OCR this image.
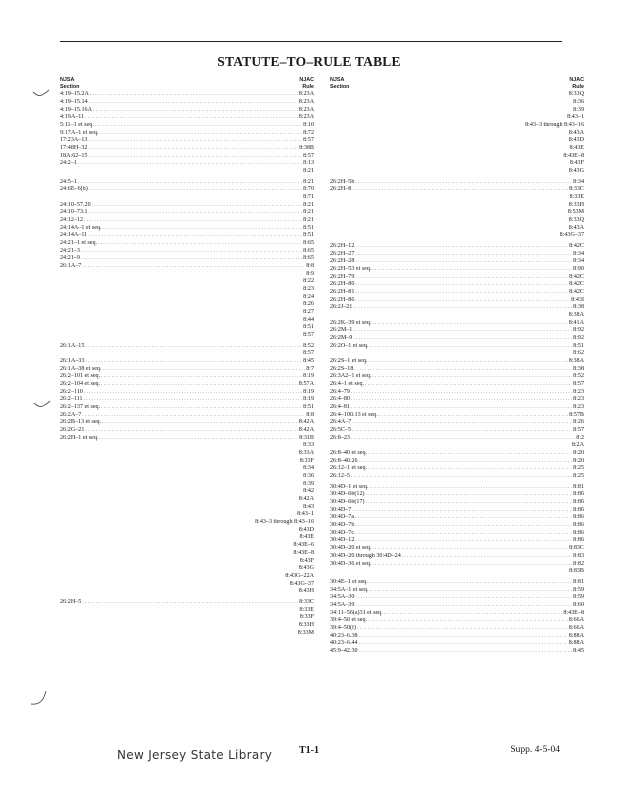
STATUTE–TO–RULE TABLE
NJSA
Section
NJAC
Rule
4:19–15.2A .....	8:23A
4:19–15.14 .....	8:23A
4:19–15.16A .....	8:23A
4:19A–11 .....	8:23A
5:11–1 et seq. .....	8:10
9:17A–1 et seq. .....	8:72
17:23A–13 .....	8:57
17:48H–32 .....	8:38B
18A:62–15 .....	8:57
24:2–1 .....	8:13
8:21
24:5–1 .....	8:21
24:6E–6(b) .....	8:70
8:71
24:10–57.20 .....	8:21
24:10–73.1 .....	8:21
24:12–12 .....	8:21
24:14A–1 et seq. .....	8:51
24:14A–11 .....	8:51
24:21–1 et seq. .....	8:65
24:21–3 .....	8:65
24:21–9 .....	8:65
26:1A–7 .....	8:8
8:9
8:22
8:23
8:24
8:26
8:27
8:44
8:51
8:57
26:1A–15 .....	8:52
8:57
26:1A–33 .....	8:45
26:1A–38 et seq. .....	8:7
26:2–101 et seq. .....	8:19
26:2–104 et seq. .....	8:57A
26:2–110 .....	8:19
26:2–111 .....	8:19
26:2–137 et seq. .....	8:51
26:2A–7 .....	8:8
26:2B–13 et seq. .....	8:42A
26:2G–21 .....	8:42A
26:2H–1 et seq. .....	8:31B
8:33
8:33A
8:33F
8:34
8:36
8:39
8:42
8:42A
8:43
8:43–1
8:43–3 through 8:43–16
8:43D
8:43E
8:43E–6
8:43E–8
8:43F
8:43G
8:43G–22A
8:43G–37
8:43H
26:2H–5 .....	8:33C
8:33E
8:33F
8:33H
8:33M
NJSA
Section
NJAC
Rule
8:33Q
8:36
8:39
8:43–1
8:43–3 through 8:43–16
8:43A
8:43D
8:43E
8:43E–8
8:43F
8:43G
26:2H–5b .....	8:34
26:2H–8 .....	8:33C
8:33E
8:33H
8:53M
8:33Q
8:43A
8:43G–37
26:2H–12 .....	8:42C
26:2H–27 .....	8:34
26:2H–28 .....	8:34
26:2H–53 et seq. .....	8:90
26:2H–79 .....	8:42C
26:2H–80 .....	8:42C
26:2H–81 .....	8:42C
26:2H–86 .....	8:43I
26:2J–21 .....	8:38
8:38A
26:2K–39 et seq. .....	8:41A
26:2M–1 .....	8:92
26:2M–9 .....	8:92
26:2O–1 et seq. .....	8:51
8:62
26:2S–1 et seq. .....	8:38A
26:2S–18 .....	8:38
26:3A2–1 et seq. .....	8:52
26:4–1 et seq. .....	8:57
26:4–79 .....	8:23
26:4–80 .....	8:23
26:4–81 .....	8:23
26:4–100.13 et seq. .....	8:57B
26:4A–7 .....	8:26
26:5C–5 .....	8:57
26:8–23 .....	8:2
8:2A
26:8–40 et seq. .....	8:20
26:8–40.26 .....	8:20
26:12–1 et seq. .....	8:25
26:12–5 .....	8:25
30:4D–1 et seq. .....	8:81
30:4D–6b(12) .....	8:86
30:4D–6b(17) .....	8:86
30:4D–7 .....	8:86
30:4D–7a .....	8:86
30:4D–7b .....	8:86
30:4D–7c .....	8:86
30:4D–12 .....	8:86
30:4D–20 et seq. .....	8:83C
30:4D–20 through 30:4D–24 .....	8:83
30:4D–36 et seq. .....	8:82
8:83B
30:4E–1 et seq. .....	8:81
34:5A–1 et seq. .....	8:59
34:5A–30 .....	8:59
34:5A–39 .....	8:60
34:11–56(a)31 et seq. .....	8:43E–8
39:4–50 et seq. .....	8:66A
39:4–50(f) .....	8:66A
40:23–6.38 .....	8:88A
40:23–6.44 .....	8:88A
45:9–42.30 .....	8:45
New Jersey State Library	T1-1	Supp. 4-5-04
